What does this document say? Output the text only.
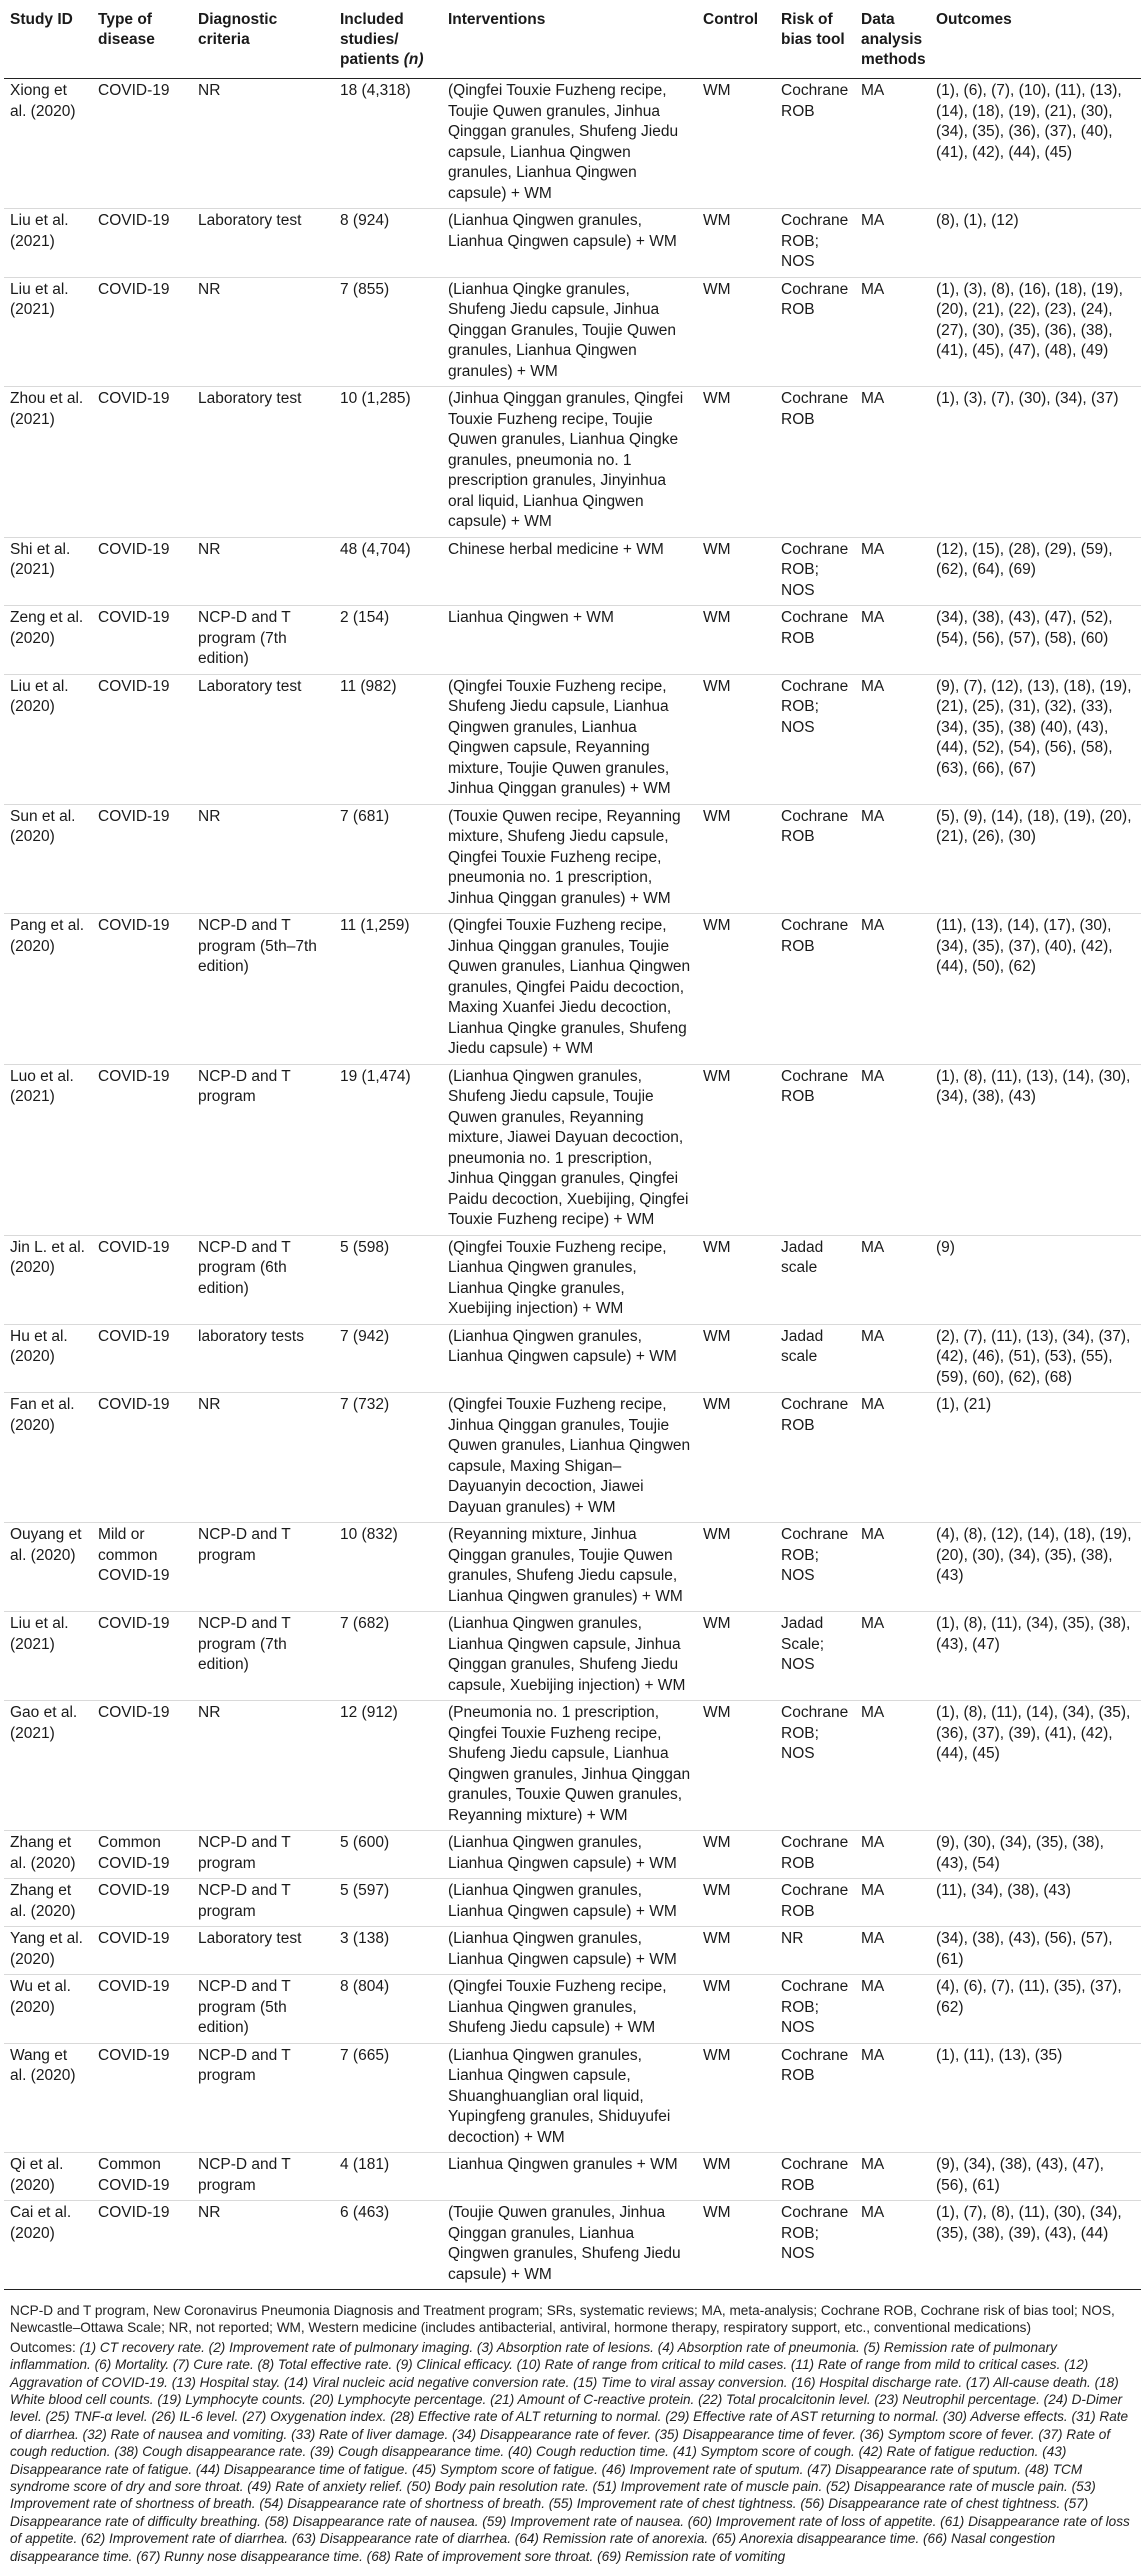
Study ID	Type of disease	Diagnostic criteria	Included studies/ patients (n)	Interventions	Control	Risk of bias tool	Data analysis methods	Outcomes
Xiong et al. (2020)	COVID-19	NR	18 (4,318)	(Qingfei Touxie Fuzheng recipe, Toujie Quwen granules, Jinhua Qinggan granules, Shufeng Jiedu capsule, Lianhua Qingwen granules, Lianhua Qingwen capsule) + WM	WM	Cochrane ROB	MA	(1), (6), (7), (10), (11), (13), (14), (18), (19), (21), (30), (34), (35), (36), (37), (40), (41), (42), (44), (45)
Liu et al. (2021)	COVID-19	Laboratory test	8 (924)	(Lianhua Qingwen granules, Lianhua Qingwen capsule) + WM	WM	Cochrane ROB; NOS	MA	(8), (1), (12)
Liu et al. (2021)	COVID-19	NR	7 (855)	(Lianhua Qingke granules, Shufeng Jiedu capsule, Jinhua Qinggan Granules, Toujie Quwen granules, Lianhua Qingwen granules) + WM	WM	Cochrane ROB	MA	(1), (3), (8), (16), (18), (19), (20), (21), (22), (23), (24), (27), (30), (35), (36), (38), (41), (45), (47), (48), (49)
Zhou et al. (2021)	COVID-19	Laboratory test	10 (1,285)	(Jinhua Qinggan granules, Qingfei Touxie Fuzheng recipe, Toujie Quwen granules, Lianhua Qingke granules, pneumonia no. 1 prescription granules, Jinyinhua oral liquid, Lianhua Qingwen capsule) + WM	WM	Cochrane ROB	MA	(1), (3), (7), (30), (34), (37)
Shi et al. (2021)	COVID-19	NR	48 (4,704)	Chinese herbal medicine + WM	WM	Cochrane ROB; NOS	MA	(12), (15), (28), (29), (59), (62), (64), (69)
Zeng et al. (2020)	COVID-19	NCP-D and T program (7th edition)	2 (154)	Lianhua Qingwen + WM	WM	Cochrane ROB	MA	(34), (38), (43), (47), (52), (54), (56), (57), (58), (60)
Liu et al. (2020)	COVID-19	Laboratory test	11 (982)	(Qingfei Touxie Fuzheng recipe, Shufeng Jiedu capsule, Lianhua Qingwen granules, Lianhua Qingwen capsule, Reyanning mixture, Toujie Quwen granules, Jinhua Qinggan granules) + WM	WM	Cochrane ROB; NOS	MA	(9), (7), (12), (13), (18), (19), (21), (25), (31), (32), (33), (34), (35), (38) (40), (43), (44), (52), (54), (56), (58), (63), (66), (67)
Sun et al. (2020)	COVID-19	NR	7 (681)	(Touxie Quwen recipe, Reyanning mixture, Shufeng Jiedu capsule, Qingfei Touxie Fuzheng recipe, pneumonia no. 1 prescription, Jinhua Qinggan granules) + WM	WM	Cochrane ROB	MA	(5), (9), (14), (18), (19), (20), (21), (26), (30)
Pang et al. (2020)	COVID-19	NCP-D and T program (5th–7th edition)	11 (1,259)	(Qingfei Touxie Fuzheng recipe, Jinhua Qinggan granules, Toujie Quwen granules, Lianhua Qingwen granules, Qingfei Paidu decoction, Maxing Xuanfei Jiedu decoction, Lianhua Qingke granules, Shufeng Jiedu capsule) + WM	WM	Cochrane ROB	MA	(11), (13), (14), (17), (30), (34), (35), (37), (40), (42), (44), (50), (62)
Luo et al. (2021)	COVID-19	NCP-D and T program	19 (1,474)	(Lianhua Qingwen granules, Shufeng Jiedu capsule, Toujie Quwen granules, Reyanning mixture, Jiawei Dayuan decoction, pneumonia no. 1 prescription, Jinhua Qinggan granules, Qingfei Paidu decoction, Xuebijing, Qingfei Touxie Fuzheng recipe) + WM	WM	Cochrane ROB	MA	(1), (8), (11), (13), (14), (30), (34), (38), (43)
Jin L. et al. (2020)	COVID-19	NCP-D and T program (6th edition)	5 (598)	(Qingfei Touxie Fuzheng recipe, Lianhua Qingwen granules, Lianhua Qingke granules, Xuebijing injection) + WM	WM	Jadad scale	MA	(9)
Hu et al. (2020)	COVID-19	laboratory tests	7 (942)	(Lianhua Qingwen granules, Lianhua Qingwen capsule) + WM	WM	Jadad scale	MA	(2), (7), (11), (13), (34), (37), (42), (46), (51), (53), (55), (59), (60), (62), (68)
Fan et al. (2020)	COVID-19	NR	7 (732)	(Qingfei Touxie Fuzheng recipe, Jinhua Qinggan granules, Toujie Quwen granules, Lianhua Qingwen capsule, Maxing Shigan–Dayuanyin decoction, Jiawei Dayuan granules) + WM	WM	Cochrane ROB	MA	(1), (21)
Ouyang et al. (2020)	Mild or common COVID-19	NCP-D and T program	10 (832)	(Reyanning mixture, Jinhua Qinggan granules, Toujie Quwen granules, Shufeng Jiedu capsule, Lianhua Qingwen granules) + WM	WM	Cochrane ROB; NOS	MA	(4), (8), (12), (14), (18), (19), (20), (30), (34), (35), (38), (43)
Liu et al. (2021)	COVID-19	NCP-D and T program (7th edition)	7 (682)	(Lianhua Qingwen granules, Lianhua Qingwen capsule, Jinhua Qinggan granules, Shufeng Jiedu capsule, Xuebijing injection) + WM	WM	Jadad Scale; NOS	MA	(1), (8), (11), (34), (35), (38), (43), (47)
Gao et al. (2021)	COVID-19	NR	12 (912)	(Pneumonia no. 1 prescription, Qingfei Touxie Fuzheng recipe, Shufeng Jiedu capsule, Lianhua Qingwen granules, Jinhua Qinggan granules, Touxie Quwen granules, Reyanning mixture) + WM	WM	Cochrane ROB; NOS	MA	(1), (8), (11), (14), (34), (35), (36), (37), (39), (41), (42), (44), (45)
Zhang et al. (2020)	Common COVID-19	NCP-D and T program	5 (600)	(Lianhua Qingwen granules, Lianhua Qingwen capsule) + WM	WM	Cochrane ROB	MA	(9), (30), (34), (35), (38), (43), (54)
Zhang et al. (2020)	COVID-19	NCP-D and T program	5 (597)	(Lianhua Qingwen granules, Lianhua Qingwen capsule) + WM	WM	Cochrane ROB	MA	(11), (34), (38), (43)
Yang et al. (2020)	COVID-19	Laboratory test	3 (138)	(Lianhua Qingwen granules, Lianhua Qingwen capsule) + WM	WM	NR	MA	(34), (38), (43), (56), (57), (61)
Wu et al. (2020)	COVID-19	NCP-D and T program (5th edition)	8 (804)	(Qingfei Touxie Fuzheng recipe, Lianhua Qingwen granules, Shufeng Jiedu capsule) + WM	WM	Cochrane ROB; NOS	MA	(4), (6), (7), (11), (35), (37), (62)
Wang et al. (2020)	COVID-19	NCP-D and T program	7 (665)	(Lianhua Qingwen granules, Lianhua Qingwen capsule, Shuanghuanglian oral liquid, Yupingfeng granules, Shiduyufei decoction) + WM	WM	Cochrane ROB	MA	(1), (11), (13), (35)
Qi et al. (2020)	Common COVID-19	NCP-D and T program	4 (181)	Lianhua Qingwen granules + WM	WM	Cochrane ROB	MA	(9), (34), (38), (43), (47), (56), (61)
Cai et al. (2020)	COVID-19	NR	6 (463)	(Toujie Quwen granules, Jinhua Qinggan granules, Lianhua Qingwen granules, Shufeng Jiedu capsule) + WM	WM	Cochrane ROB; NOS	MA	(1), (7), (8), (11), (30), (34), (35), (38), (39), (43), (44)

NCP-D and T program, New Coronavirus Pneumonia Diagnosis and Treatment program; SRs, systematic reviews; MA, meta-analysis; Cochrane ROB, Cochrane risk of bias tool; NOS, Newcastle–Ottawa Scale; NR, not reported; WM, Western medicine (includes antibacterial, antiviral, hormone therapy, respiratory support, etc., conventional medications)

Outcomes: (1) CT recovery rate. (2) Improvement rate of pulmonary imaging. (3) Absorption rate of lesions. (4) Absorption rate of pneumonia. (5) Remission rate of pulmonary inflammation. (6) Mortality. (7) Cure rate. (8) Total effective rate. (9) Clinical efficacy. (10) Rate of range from critical to mild cases. (11) Rate of range from mild to critical cases. (12) Aggravation of COVID-19. (13) Hospital stay. (14) Viral nucleic acid negative conversion rate. (15) Time to viral assay conversion. (16) Hospital discharge rate. (17) All-cause death. (18) White blood cell counts. (19) Lymphocyte counts. (20) Lymphocyte percentage. (21) Amount of C-reactive protein. (22) Total procalcitonin level. (23) Neutrophil percentage. (24) D-Dimer level. (25) TNF-α level. (26) IL-6 level. (27) Oxygenation index. (28) Effective rate of ALT returning to normal. (29) Effective rate of AST returning to normal. (30) Adverse effects. (31) Rate of diarrhea. (32) Rate of nausea and vomiting. (33) Rate of liver damage. (34) Disappearance rate of fever. (35) Disappearance time of fever. (36) Symptom score of fever. (37) Rate of cough reduction. (38) Cough disappearance rate. (39) Cough disappearance time. (40) Cough reduction time. (41) Symptom score of cough. (42) Rate of fatigue reduction. (43) Disappearance rate of fatigue. (44) Disappearance time of fatigue. (45) Symptom score of fatigue. (46) Improvement rate of sputum. (47) Disappearance rate of sputum. (48) TCM syndrome score of dry and sore throat. (49) Rate of anxiety relief. (50) Body pain resolution rate. (51) Improvement rate of muscle pain. (52) Disappearance rate of muscle pain. (53) Improvement rate of shortness of breath. (54) Disappearance rate of shortness of breath. (55) Improvement rate of chest tightness. (56) Disappearance rate of chest tightness. (57) Disappearance rate of difficulty breathing. (58) Disappearance rate of nausea. (59) Improvement rate of nausea. (60) Improvement rate of loss of appetite. (61) Disappearance rate of loss of appetite. (62) Improvement rate of diarrhea. (63) Disappearance rate of diarrhea. (64) Remission rate of anorexia. (65) Anorexia disappearance time. (66) Nasal congestion disappearance time. (67) Runny nose disappearance time. (68) Rate of improvement sore throat. (69) Remission rate of vomiting
